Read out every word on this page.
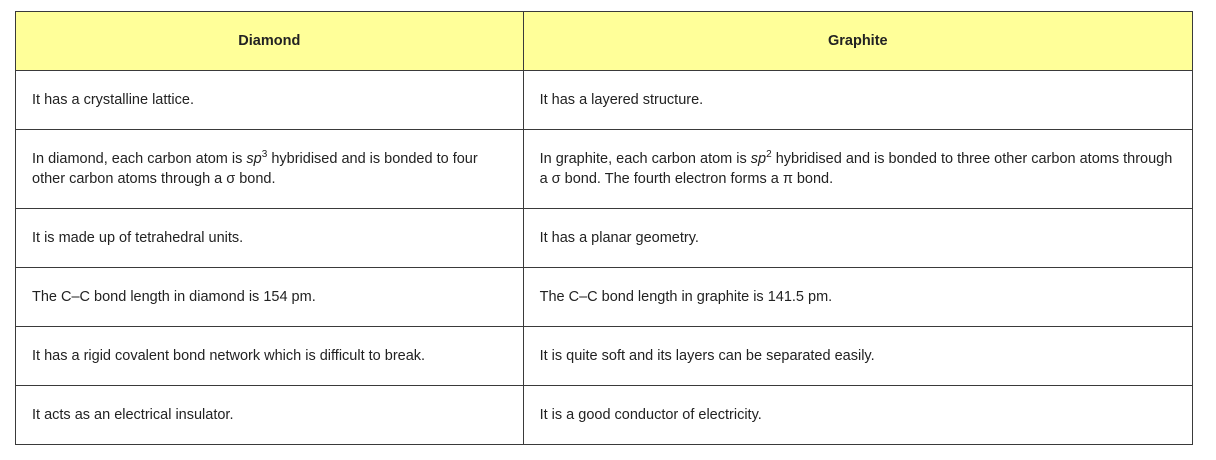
Diamond	Graphite
It has a crystalline lattice.	It has a layered structure.
In diamond, each carbon atom is $sp^3$ hybridised and is bonded to four other carbon atoms through a σ bond.	In graphite, each carbon atom is $sp^2$ hybridised and is bonded to three other carbon atoms through a σ bond. The fourth electron forms a π bond.
It is made up of tetrahedral units.	It has a planar geometry.
The C–C bond length in diamond is 154 pm.	The C–C bond length in graphite is 141.5 pm.
It has a rigid covalent bond network which is difficult to break.	It is quite soft and its layers can be separated easily.
It acts as an electrical insulator.	It is a good conductor of electricity.
